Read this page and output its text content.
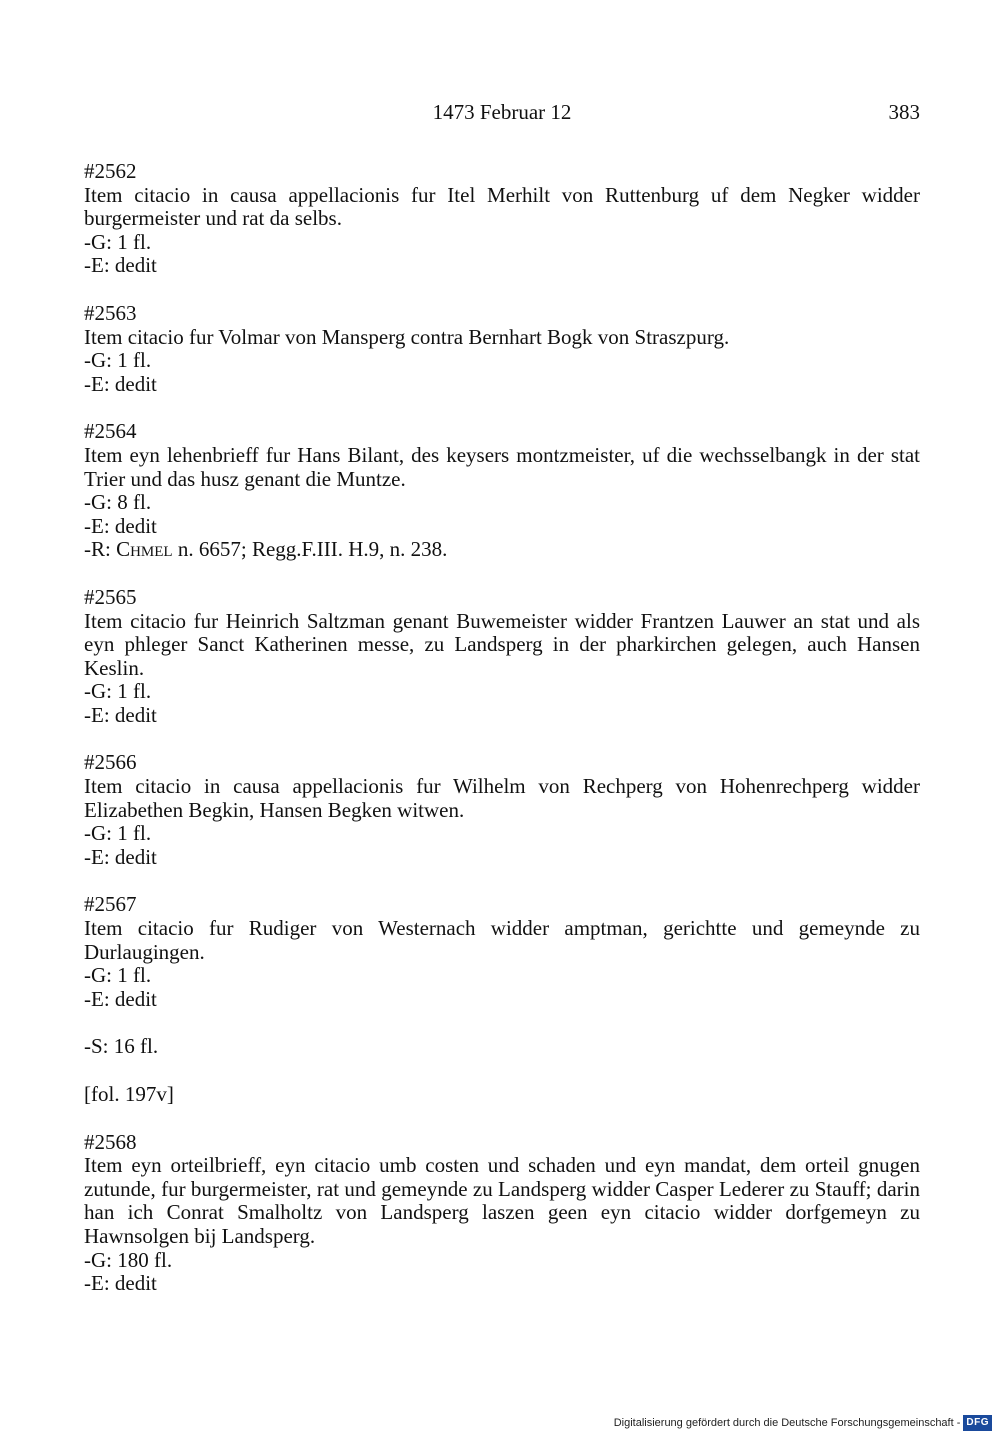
1473 Februar 12	383
#2562
Item citacio in causa appellacionis fur Itel Merhilt von Ruttenburg uf dem Negker widder burgermeister und rat da selbs.
-G: 1 fl.
-E: dedit
#2563
Item citacio fur Volmar von Mansperg contra Bernhart Bogk von Straszpurg.
-G: 1 fl.
-E: dedit
#2564
Item eyn lehenbrieff fur Hans Bilant, des keysers montzmeister, uf die wechsselbangk in der stat Trier und das husz genant die Muntze.
-G: 8 fl.
-E: dedit
-R: Chmel n. 6657; Regg.F.III. H.9, n. 238.
#2565
Item citacio fur Heinrich Saltzman genant Buwemeister widder Frantzen Lauwer an stat und als eyn phleger Sanct Katherinen messe, zu Landsperg in der pharkirchen gelegen, auch Hansen Keslin.
-G: 1 fl.
-E: dedit
#2566
Item citacio in causa appellacionis fur Wilhelm von Rechperg von Hohenrechperg widder Elizabethen Begkin, Hansen Begken witwen.
-G: 1 fl.
-E: dedit
#2567
Item citacio fur Rudiger von Westernach widder amptman, gerichtte und gemeynde zu Durlaugingen.
-G: 1 fl.
-E: dedit
-S: 16 fl.
[fol. 197v]
#2568
Item eyn orteilbrieff, eyn citacio umb costen und schaden und eyn mandat, dem orteil gnugen zutunde, fur burgermeister, rat und gemeynde zu Landsperg widder Casper Lederer zu Stauff; darin han ich Conrat Smalholtz von Landsperg laszen geen eyn citacio widder dorfgemeyn zu Hawnsolgen bij Landsperg.
-G: 180 fl.
-E: dedit
Digitalisierung gefördert durch die Deutsche Forschungsgemeinschaft - DFG
